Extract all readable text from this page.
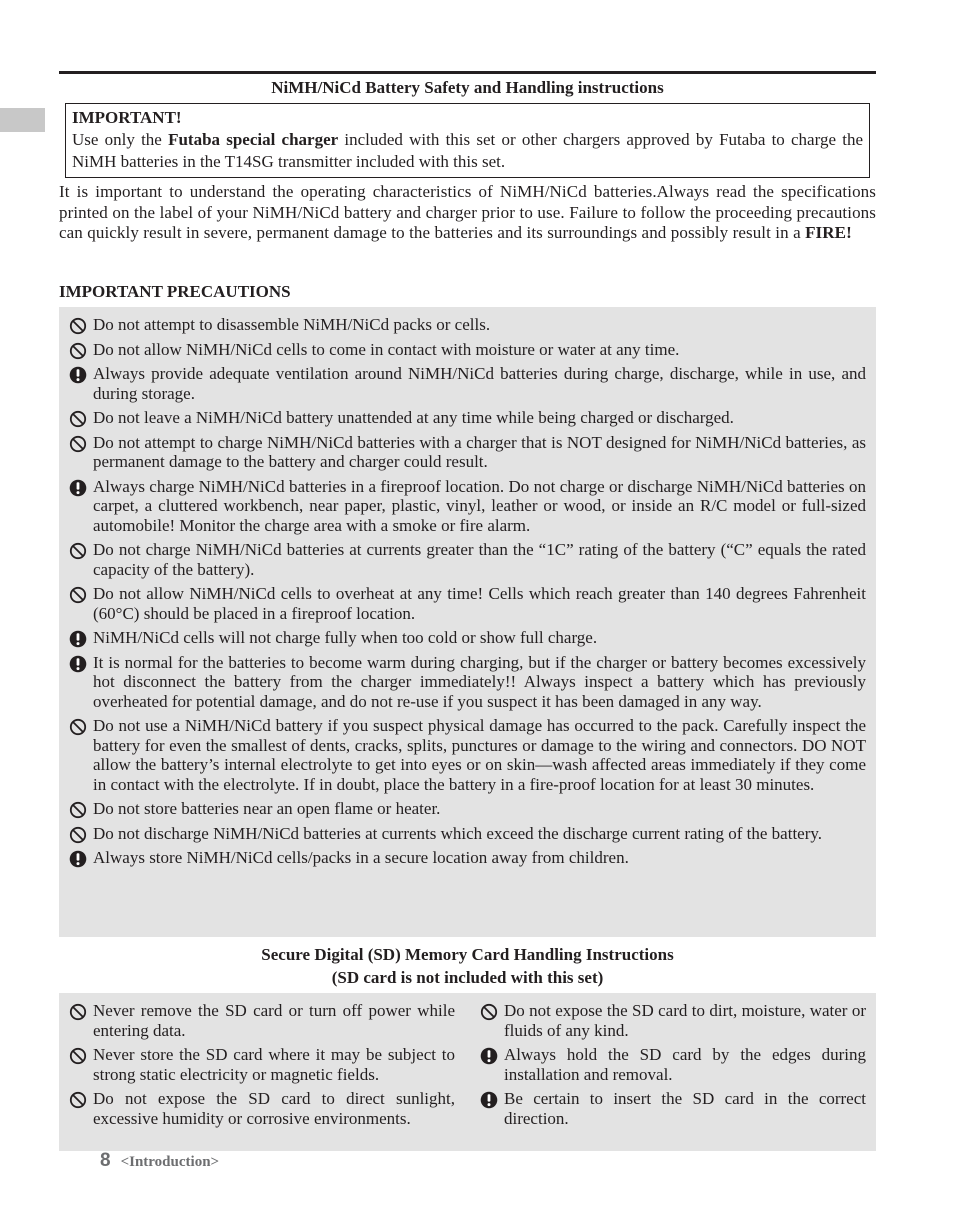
NiMH/NiCd Battery Safety and Handling instructions
IMPORTANT!
Use only the Futaba special charger included with this set or other chargers approved by Futaba to charge the NiMH batteries in the T14SG transmitter included with this set.
It is important to understand the operating characteristics of NiMH/NiCd batteries.Always read the specifications printed on the label of your NiMH/NiCd battery and charger prior to use. Failure to follow the proceeding precautions can quickly result in severe, permanent damage to the batteries and its surroundings and possibly result in a FIRE!
IMPORTANT PRECAUTIONS
Do not attempt to disassemble NiMH/NiCd packs or cells.
Do not allow NiMH/NiCd cells to come in contact with moisture or water at any time.
Always provide adequate ventilation around NiMH/NiCd batteries during charge, discharge, while in use, and during storage.
Do not leave a NiMH/NiCd battery unattended at any time while being charged or discharged.
Do not attempt to charge NiMH/NiCd batteries with a charger that is NOT designed for NiMH/NiCd batteries, as permanent damage to the battery and charger could result.
Always charge NiMH/NiCd batteries in a fireproof location. Do not charge or discharge NiMH/NiCd batteries on carpet, a cluttered workbench, near paper, plastic, vinyl, leather or wood, or inside an R/C model or full-sized automobile! Monitor the charge area with a smoke or fire alarm.
Do not charge NiMH/NiCd batteries at currents greater than the “1C” rating of the battery (“C” equals the rated capacity of the battery).
Do not allow NiMH/NiCd cells to overheat at any time! Cells which reach greater than 140 degrees Fahrenheit (60°C) should be placed in a fireproof location.
NiMH/NiCd cells will not charge fully when too cold or show full charge.
It is normal for the batteries to become warm during charging, but if the charger or battery becomes excessively hot disconnect the battery from the charger immediately!! Always inspect a battery which has previously overheated for potential damage, and do not re-use if you suspect it has been damaged in any way.
Do not use a NiMH/NiCd battery if you suspect physical damage has occurred to the pack. Carefully inspect the battery for even the smallest of dents, cracks, splits, punctures or damage to the wiring and connectors. DO NOT allow the battery’s internal electrolyte to get into eyes or on skin—wash affected areas immediately if they come in contact with the electrolyte. If in doubt, place the battery in a fire-proof location for at least 30 minutes.
Do not store batteries near an open flame or heater.
Do not discharge NiMH/NiCd batteries at currents which exceed the discharge current rating of the battery.
Always store NiMH/NiCd cells/packs in a secure location away from children.
Secure Digital (SD) Memory Card Handling Instructions
(SD card is not included with this set)
Never remove the SD card or turn off power while entering data.
Never store the SD card where it may be subject to strong static electricity or magnetic fields.
Do not expose the SD card to direct sunlight, excessive humidity or corrosive environments.
Do not expose the SD card to dirt, moisture, water or fluids of any kind.
Always hold the SD card by the edges during installation and removal.
Be certain to insert the SD card in the correct direction.
8 <Introduction>
